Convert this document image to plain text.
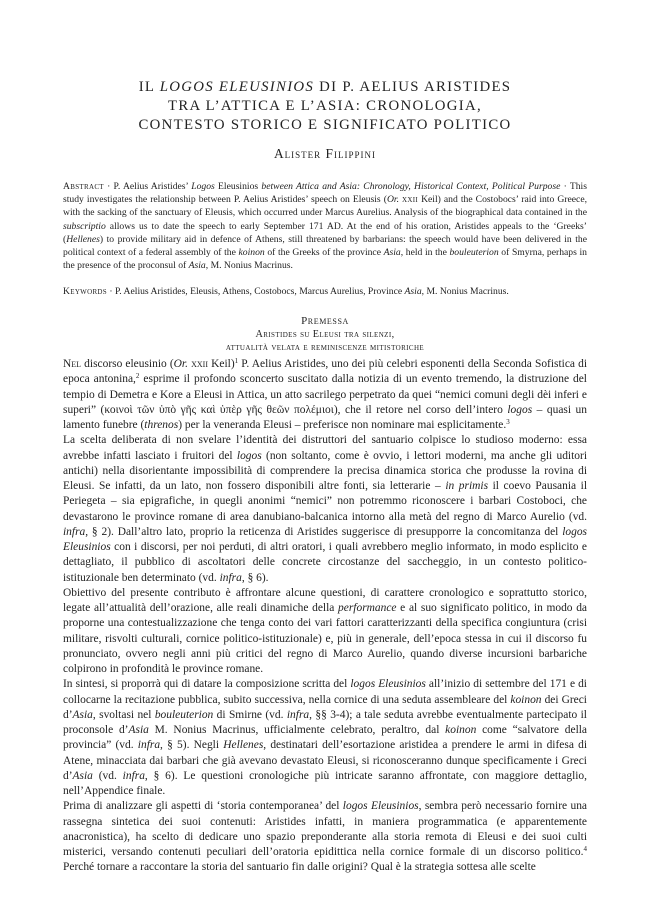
IL LOGOS ELEUSINIOS DI P. AELIUS ARISTIDES
TRA L’ATTICA E L’ASIA: CRONOLOGIA,
CONTESTO STORICO E SIGNIFICATO POLITICO
Alister Filippini
Abstract · P. Aelius Aristides’ Logos Eleusinios between Attica and Asia: Chronology, Historical Context, Political Purpose · This study investigates the relationship between P. Aelius Aristides’ speech on Eleusis (Or. xxii Keil) and the Costobocs’ raid into Greece, with the sacking of the sanctuary of Eleusis, which occurred under Marcus Aurelius. Analysis of the biographical data contained in the subscriptio allows us to date the speech to early September 171 AD. At the end of his oration, Aristides appeals to the ‘Greeks’ (Hellenes) to provide military aid in defence of Athens, still threatened by barbarians: the speech would have been delivered in the political context of a federal assembly of the koinon of the Greeks of the province Asia, held in the bouleuterion of Smyrna, perhaps in the presence of the proconsul of Asia, M. Nonius Macrinus.
Keywords · P. Aelius Aristides, Eleusis, Athens, Costobocs, Marcus Aurelius, Province Asia, M. Nonius Macrinus.
Premessa
Aristides su Eleusi tra silenzi,
attualità velata e reminiscenze mitistoriche

Nel discorso eleusinio (Or. xxii Keil)$^1$ P. Aelius Aristides, uno dei più celebri esponenti della Seconda Sofistica di epoca antonina,$^2$ esprime il profondo sconcerto suscitato dalla notizia di un evento tremendo, la distruzione del tempio di Demetra e Kore a Eleusi in Attica, un atto sacrilego perpetrato da quei “nemici comuni degli dèi inferi e superi” (κοινοὶ τῶν ὑπὸ γῆς καὶ ὑπὲρ γῆς θεῶν πολέμιοι), che il retore nel corso dell’intero logos – quasi un lamento funebre (threnos) per la veneranda Eleusi – preferisce non nominare mai esplicitamente.$^3$

La scelta deliberata di non svelare l’identità dei distruttori del santuario colpisce lo studioso moderno: essa avrebbe infatti lasciato i fruitori del logos (non soltanto, come è ovvio, i lettori moderni, ma anche gli uditori antichi) nella disorientante impossibilità di comprendere la precisa dinamica storica che produsse la rovina di Eleusi. Se infatti, da un lato, non fossero disponibili altre fonti, sia letterarie – in primis il coevo Pausania il Periegeta – sia epigrafiche, in quegli anonimi “nemici” non potremmo riconoscere i barbari Costoboci, che devastarono le province romane di area danubiano-balcanica intorno alla metà del regno di Marco Aurelio (vd. infra, § 2). Dall’altro lato, proprio la reticenza di Aristides suggerisce di presupporre la concomitanza del logos Eleusinios con i discorsi, per noi perduti, di altri oratori, i quali avrebbero meglio informato, in modo esplicito e dettagliato, il pubblico di ascoltatori delle concrete circostanze del saccheggio, in un contesto politico-istituzionale ben determinato (vd. infra, § 6).

Obiettivo del presente contributo è affrontare alcune questioni, di carattere cronologico e soprattutto storico, legate all’attualità dell’orazione, alle reali dinamiche della performance e al suo significato politico, in modo da proporne una contestualizzazione che tenga conto dei vari fattori caratterizzanti della specifica congiuntura (crisi militare, risvolti culturali, cornice politico-istituzionale) e, più in generale, dell’epoca stessa in cui il discorso fu pronunciato, ovvero negli anni più critici del regno di Marco Aurelio, quando diverse incursioni barbariche colpirono in profondità le province romane.

In sintesi, si proporrà qui di datare la composizione scritta del logos Eleusinios all’inizio di settembre del 171 e di collocarne la recitazione pubblica, subito successiva, nella cornice di una seduta assembleare del koinon dei Greci d’Asia, svoltasi nel bouleuterion di Smirne (vd. infra, §§ 3-4); a tale seduta avrebbe eventualmente partecipato il proconsole d’Asia M. Nonius Macrinus, ufficialmente celebrato, peraltro, dal koinon come “salvatore della provincia” (vd. infra, § 5). Negli Hellenes, destinatari dell’esortazione aristidea a prendere le armi in difesa di Atene, minacciata dai barbari che già avevano devastato Eleusi, si riconosceranno dunque specificamente i Greci d’Asia (vd. infra, § 6). Le questioni cronologiche più intricate saranno affrontate, con maggiore dettaglio, nell’Appendice finale.

Prima di analizzare gli aspetti di ‘storia contemporanea’ del logos Eleusinios, sembra però necessario fornire una rassegna sintetica dei suoi contenuti: Aristides infatti, in maniera programmatica (e apparentemente anacronistica), ha scelto di dedicare uno spazio preponderante alla storia remota di Eleusi e dei suoi culti misterici, versando contenuti peculiari dell’oratoria epidittica nella cornice formale di un discorso politico.$^4$ Perché tornare a raccontare la storia del santuario fin dalle origini? Qual è la strategia sottesa alle scelte
